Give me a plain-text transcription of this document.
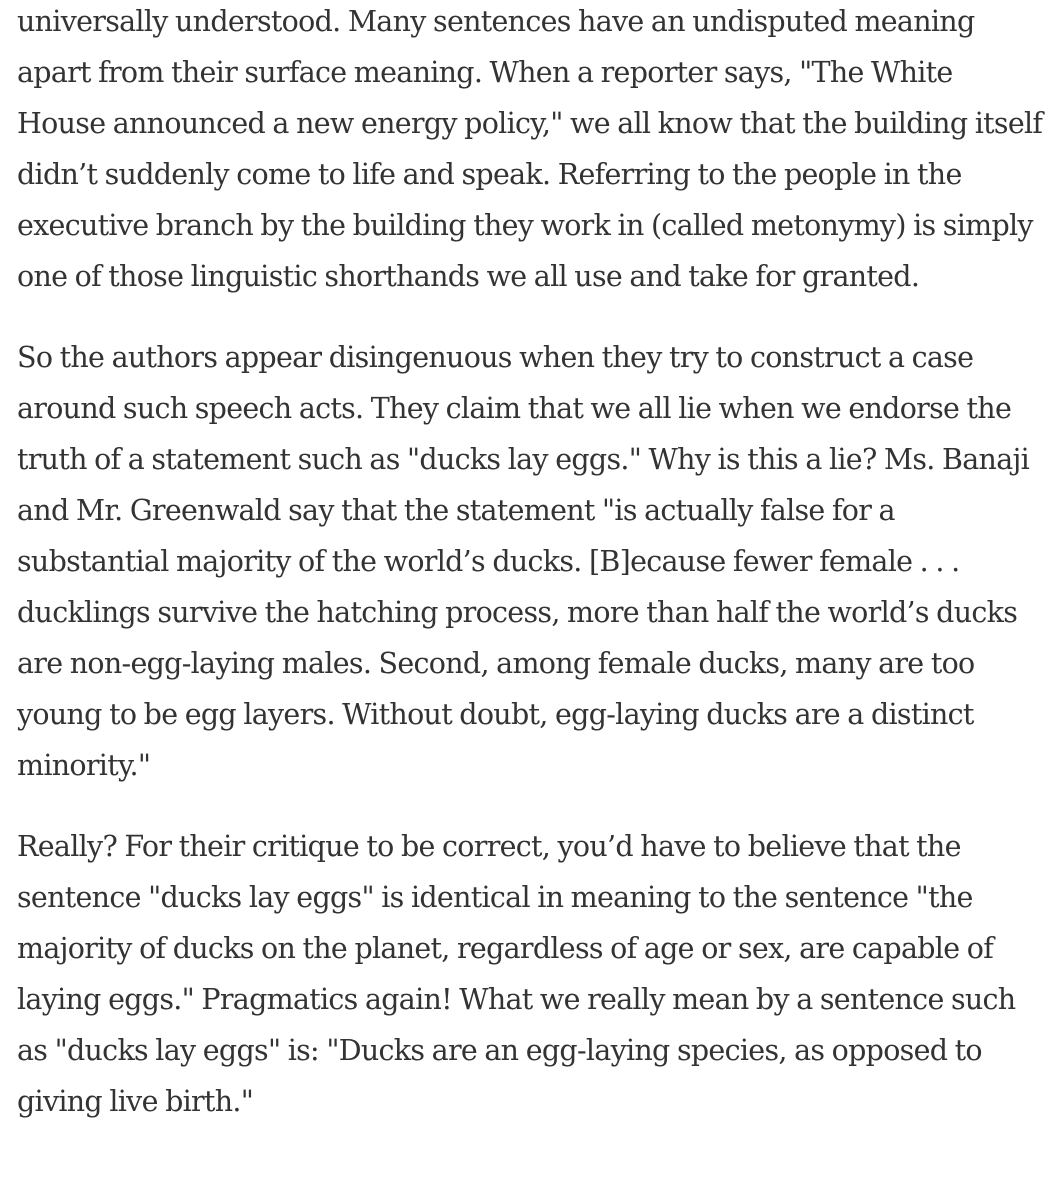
universally understood. Many sentences have an undisputed meaning apart from their surface meaning. When a reporter says, "The White House announced a new energy policy," we all know that the building itself didn’t suddenly come to life and speak. Referring to the people in the executive branch by the building they work in (called metonymy) is simply one of those linguistic shorthands we all use and take for granted.

So the authors appear disingenuous when they try to construct a case around such speech acts. They claim that we all lie when we endorse the truth of a statement such as "ducks lay eggs." Why is this a lie? Ms. Banaji and Mr. Greenwald say that the statement "is actually false for a substantial majority of the world’s ducks. [B]ecause fewer female . . . ducklings survive the hatching process, more than half the world’s ducks are non-egg-laying males. Second, among female ducks, many are too young to be egg layers. Without doubt, egg-laying ducks are a distinct minority."

Really? For their critique to be correct, you’d have to believe that the sentence "ducks lay eggs" is identical in meaning to the sentence "the majority of ducks on the planet, regardless of age or sex, are capable of laying eggs." Pragmatics again! What we really mean by a sentence such as "ducks lay eggs" is: "Ducks are an egg-laying species, as opposed to giving live birth."
